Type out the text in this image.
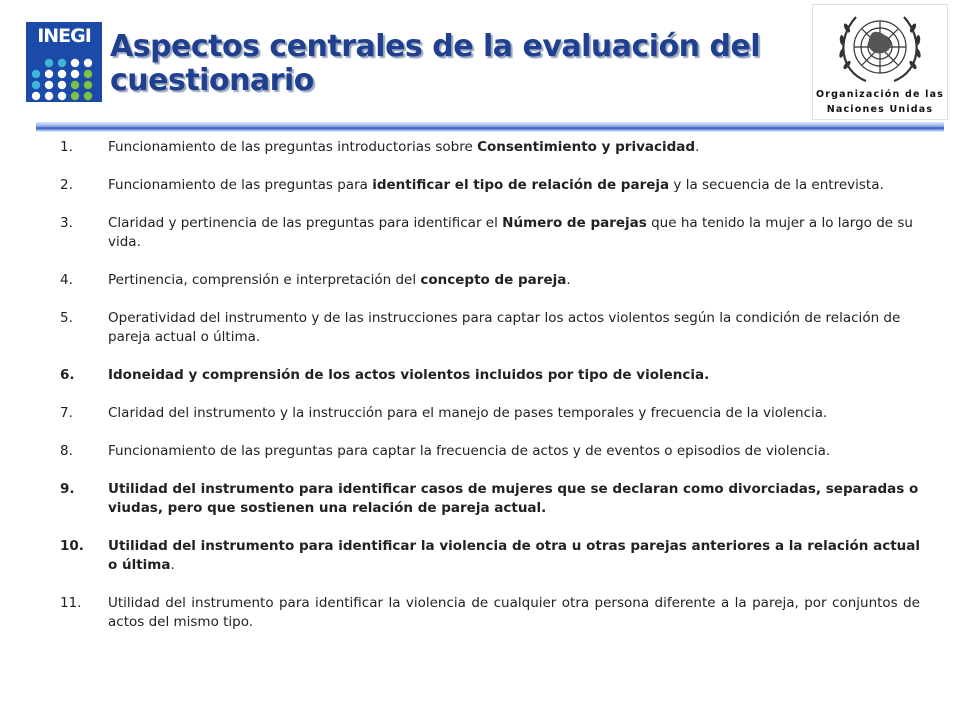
INEGI Aspectos centrales de la evaluación del cuestionario	Organización de las
Naciones Unidas
1.	Funcionamiento de las preguntas introductorias sobre Consentimiento y privacidad.
2.	Funcionamiento de las preguntas para identificar el tipo de relación de pareja y la secuencia de la entrevista.
3.	Claridad y pertinencia de las preguntas para identificar el Número de parejas que ha tenido la mujer a lo largo de su vida.
4.	Pertinencia, comprensión e interpretación del concepto de pareja.
5.	Operatividad del instrumento y de las instrucciones para captar los actos violentos según la condición de relación de pareja actual o última.
6. Idoneidad y comprensión de los actos violentos incluidos por tipo de violencia.
7.	Claridad del instrumento y la instrucción para el manejo de pases temporales y frecuencia de la violencia.
8.	Funcionamiento de las preguntas para captar la frecuencia de actos y de eventos o episodios de violencia.
9. Utilidad del instrumento para identificar casos de mujeres que se declaran como divorciadas, separadas o viudas, pero que sostienen una relación de pareja actual.
10. Utilidad del instrumento para identificar la violencia de otra u otras parejas anteriores a la relación actual o última.
11. Utilidad del instrumento para identificar la violencia de cualquier otra persona diferente a la pareja, por conjuntos de actos del mismo tipo.
